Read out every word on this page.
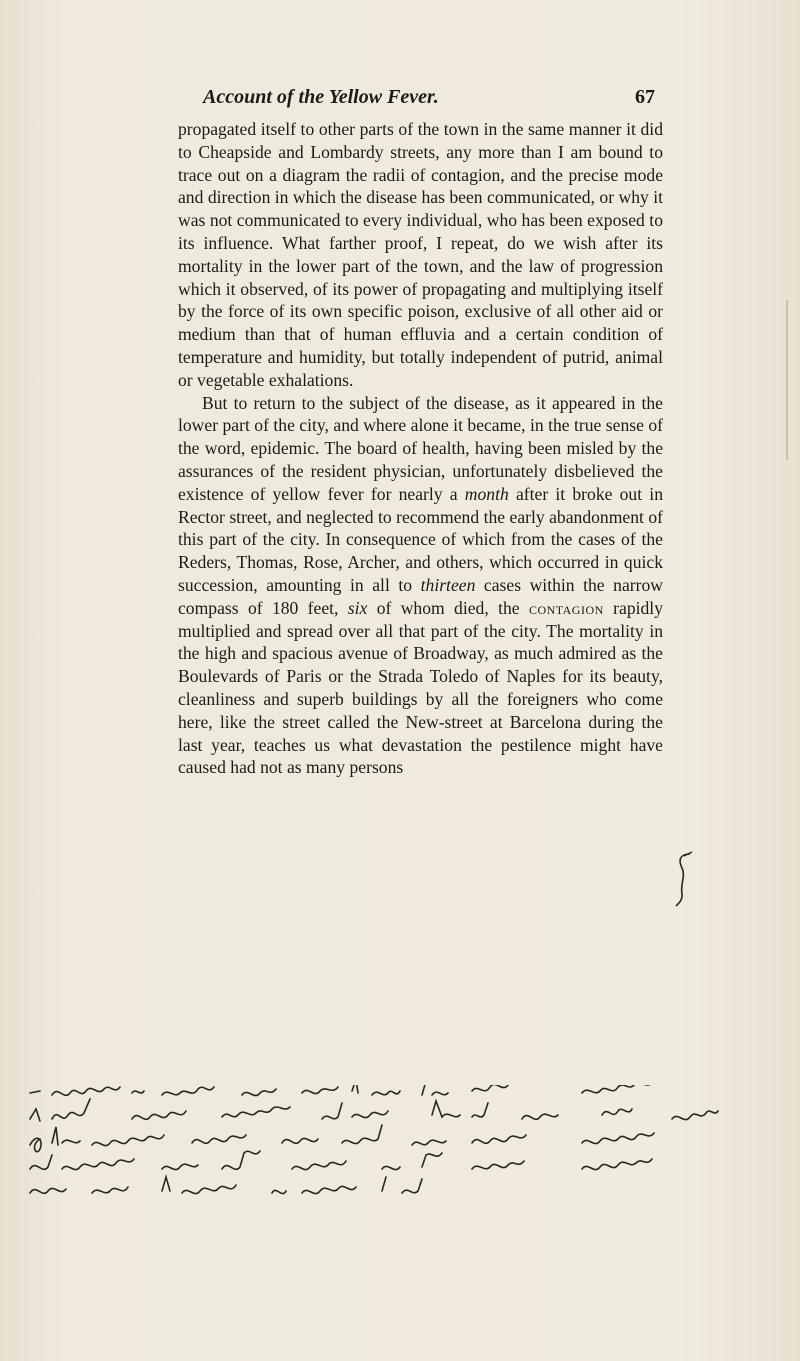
Account of the Yellow Fever.	67

propagated itself to other parts of the town in the same manner it did to Cheapside and Lombardy streets, any more than I am bound to trace out on a diagram the radii of contagion, and the precise mode and direction in which the disease has been communicated, or why it was not communicated to every individual, who has been exposed to its influence. What farther proof, I repeat, do we wish after its mortality in the lower part of the town, and the law of progression which it observed, of its power of propagating and multiplying itself by the force of its own specific poison, exclusive of all other aid or medium than that of human effluvia and a certain condition of temperature and humidity, but totally independent of putrid, animal or vegetable exhalations.

But to return to the subject of the disease, as it appeared in the lower part of the city, and where alone it became, in the true sense of the word, epidemic. The board of health, having been misled by the assurances of the resident physician, unfortunately disbelieved the existence of yellow fever for nearly a month after it broke out in Rector street, and neglected to recommend the early abandonment of this part of the city. In consequence of which from the cases of the Reders, Thomas, Rose, Archer, and others, which occurred in quick succession, amounting in all to thirteen cases within the narrow compass of 180 feet, six of whom died, the contagion rapidly multiplied and spread over all that part of the city. The mortality in the high and spacious avenue of Broadway, as much admired as the Boulevards of Paris or the Strada Toledo of Naples for its beauty, cleanliness and superb buildings by all the foreigners who come here, like the street called the New-street at Barcelona during the last year, teaches us what devastation the pestilence might have caused had not as many persons
